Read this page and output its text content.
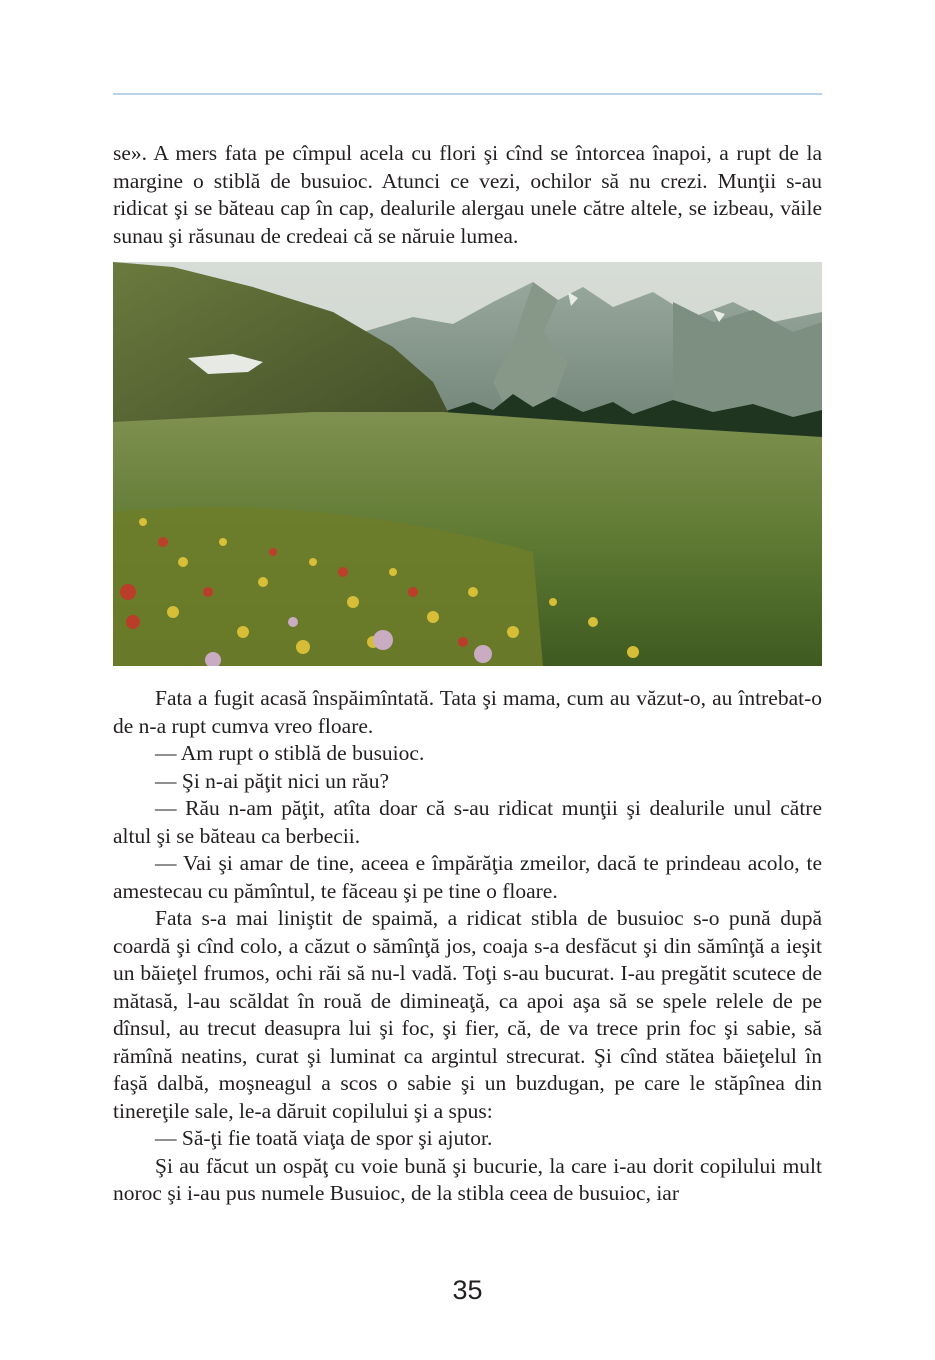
se». A mers fata pe cîmpul acela cu flori şi cînd se întorcea înapoi, a rupt de la margine o stiblă de busuioc. Atunci ce vezi, ochilor să nu crezi. Munţii s-au ridicat şi se băteau cap în cap, dealurile alergau unele către altele, se izbeau, văile sunau şi răsunau de credeai că se năruie lumea.

Fata a fugit acasă înspăimîntată. Tata şi mama, cum au văzut-o, au întrebat-o de n-a rupt cumva vreo floare.

— Am rupt o stiblă de busuioc.

— Şi n-ai păţit nici un rău?

— Rău n-am păţit, atîta doar că s-au ridicat munţii şi dealurile unul către altul şi se băteau ca berbecii.

— Vai şi amar de tine, aceea e împărăţia zmeilor, dacă te prindeau acolo, te amestecau cu pămîntul, te făceau şi pe tine o floare.

Fata s-a mai liniştit de spaimă, a ridicat stibla de busuioc s-o pună după coardă şi cînd colo, a căzut o sămînţă jos, coaja s-a desfăcut şi din sămînţă a ieşit un băieţel frumos, ochi răi să nu-l vadă. Toţi s-au bucurat. I-au pregătit scutece de mătasă, l-au scăldat în rouă de dimineaţă, ca apoi aşa să se spele relele de pe dînsul, au trecut deasupra lui şi foc, şi fier, că, de va trece prin foc şi sabie, să rămînă neatins, curat şi luminat ca argintul strecurat. Şi cînd stătea băieţelul în faşă dalbă, moşneagul a scos o sabie şi un buzdugan, pe care le stăpînea din tinereţile sale, le-a dăruit copilului şi a spus:

— Să-ţi fie toată viaţa de spor şi ajutor.

Şi au făcut un ospăţ cu voie bună şi bucurie, la care i-au dorit copilului mult noroc şi i-au pus numele Busuioc, de la stibla ceea de busuioc, iar

35
